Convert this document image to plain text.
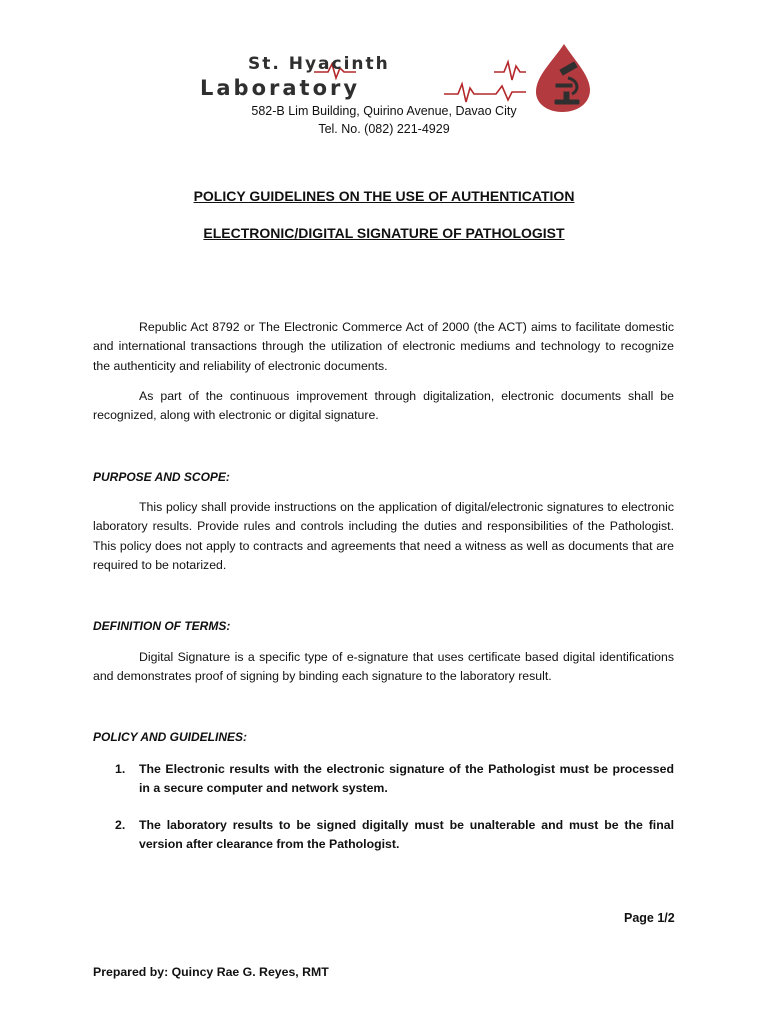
St. Hyacinth
Laboratory
582-B Lim Building, Quirino Avenue, Davao City
Tel. No. (082) 221-4929
POLICY GUIDELINES ON THE USE OF AUTHENTICATION
ELECTRONIC/DIGITAL SIGNATURE OF PATHOLOGIST
Republic Act 8792 or The Electronic Commerce Act of 2000 (the ACT) aims to facilitate domestic and international transactions through the utilization of electronic mediums and technology to recognize the authenticity and reliability of electronic documents.
As part of the continuous improvement through digitalization, electronic documents shall be recognized, along with electronic or digital signature.
PURPOSE AND SCOPE:
This policy shall provide instructions on the application of digital/electronic signatures to electronic laboratory results. Provide rules and controls including the duties and responsibilities of the Pathologist. This policy does not apply to contracts and agreements that need a witness as well as documents that are required to be notarized.
DEFINITION OF TERMS:
Digital Signature is a specific type of e-signature that uses certificate based digital identifications and demonstrates proof of signing by binding each signature to the laboratory result.
POLICY AND GUIDELINES:
1. The Electronic results with the electronic signature of the Pathologist must be processed in a secure computer and network system.
2. The laboratory results to be signed digitally must be unalterable and must be the final version after clearance from the Pathologist.
Page 1/2
Prepared by: Quincy Rae G. Reyes, RMT
